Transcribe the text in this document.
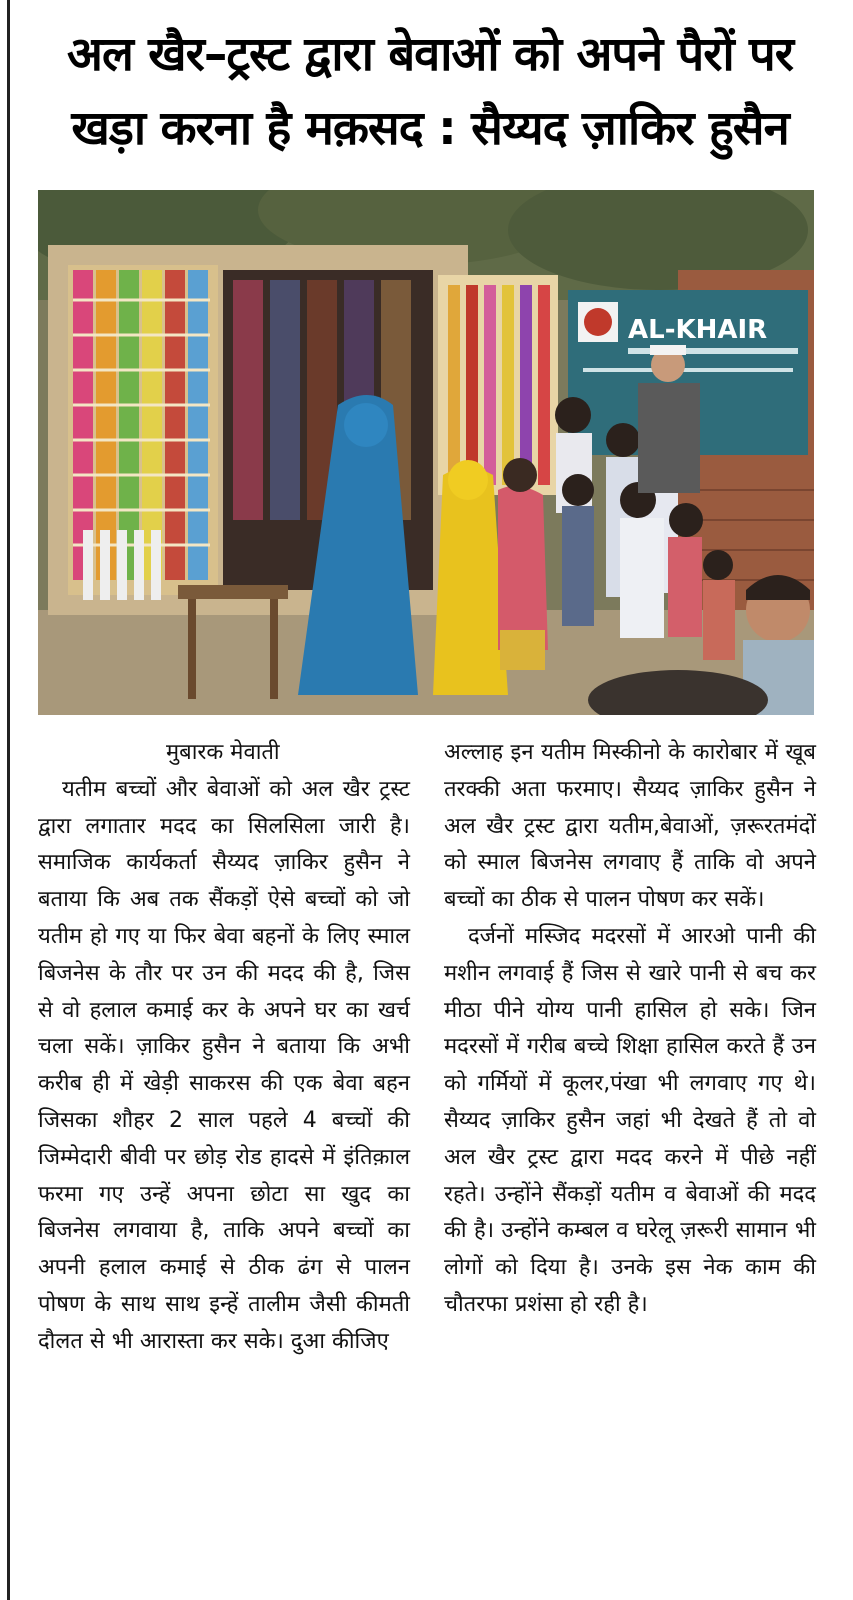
अल खैर–ट्रस्ट द्वारा बेवाओं को अपने पैरों पर
खड़ा करना है मक़सद : सैय्यद ज़ाकिर हुसैन
AL-KHAIR
मुबारक मेवाती

यतीम बच्चों और बेवाओं को अल खैर ट्रस्ट द्वारा लगातार मदद का सिलसिला जारी है। समाजिक कार्यकर्ता सैय्यद ज़ाकिर हुसैन ने बताया कि अब तक सैंकड़ों ऐसे बच्चों को जो यतीम हो गए या फिर बेवा बहनों के लिए स्माल बिजनेस के तौर पर उन की मदद की है, जिस से वो हलाल कमाई कर के अपने घर का खर्च चला सकें। ज़ाकिर हुसैन ने बताया कि अभी करीब ही में खेड़ी साकरस की एक बेवा बहन जिसका शौहर 2 साल पहले 4 बच्चों की जिम्मेदारी बीवी पर छोड़ रोड हादसे में इंतिक़ाल फरमा गए उन्हें अपना छोटा सा खुद का बिजनेस लगवाया है, ताकि अपने बच्चों का अपनी हलाल कमाई से ठीक ढंग से पालन पोषण के साथ साथ इन्हें तालीम जैसी कीमती दौलत से भी आरास्ता कर सके। दुआ कीजिए

अल्लाह इन यतीम मिस्कीनो के कारोबार में खूब तरक्की अता फरमाए। सैय्यद ज़ाकिर हुसैन ने अल खैर ट्रस्ट द्वारा यतीम,बेवाओं, ज़रूरतमंदों को स्माल बिजनेस लगवाए हैं ताकि वो अपने बच्चों का ठीक से पालन पोषण कर सकें।

दर्जनों मस्जिद मदरसों में आरओ पानी की मशीन लगवाई हैं जिस से खारे पानी से बच कर मीठा पीने योग्य पानी हासिल हो सके। जिन मदरसों में गरीब बच्चे शिक्षा हासिल करते हैं उन को गर्मियों में कूलर,पंखा भी लगवाए गए थे। सैय्यद ज़ाकिर हुसैन जहां भी देखते हैं तो वो अल खैर ट्रस्ट द्वारा मदद करने में पीछे नहीं रहते। उन्होंने सैंकड़ों यतीम व बेवाओं की मदद की है। उन्होंने कम्बल व घरेलू ज़रूरी सामान भी लोगों को दिया है। उनके इस नेक काम की चौतरफा प्रशंसा हो रही है।
